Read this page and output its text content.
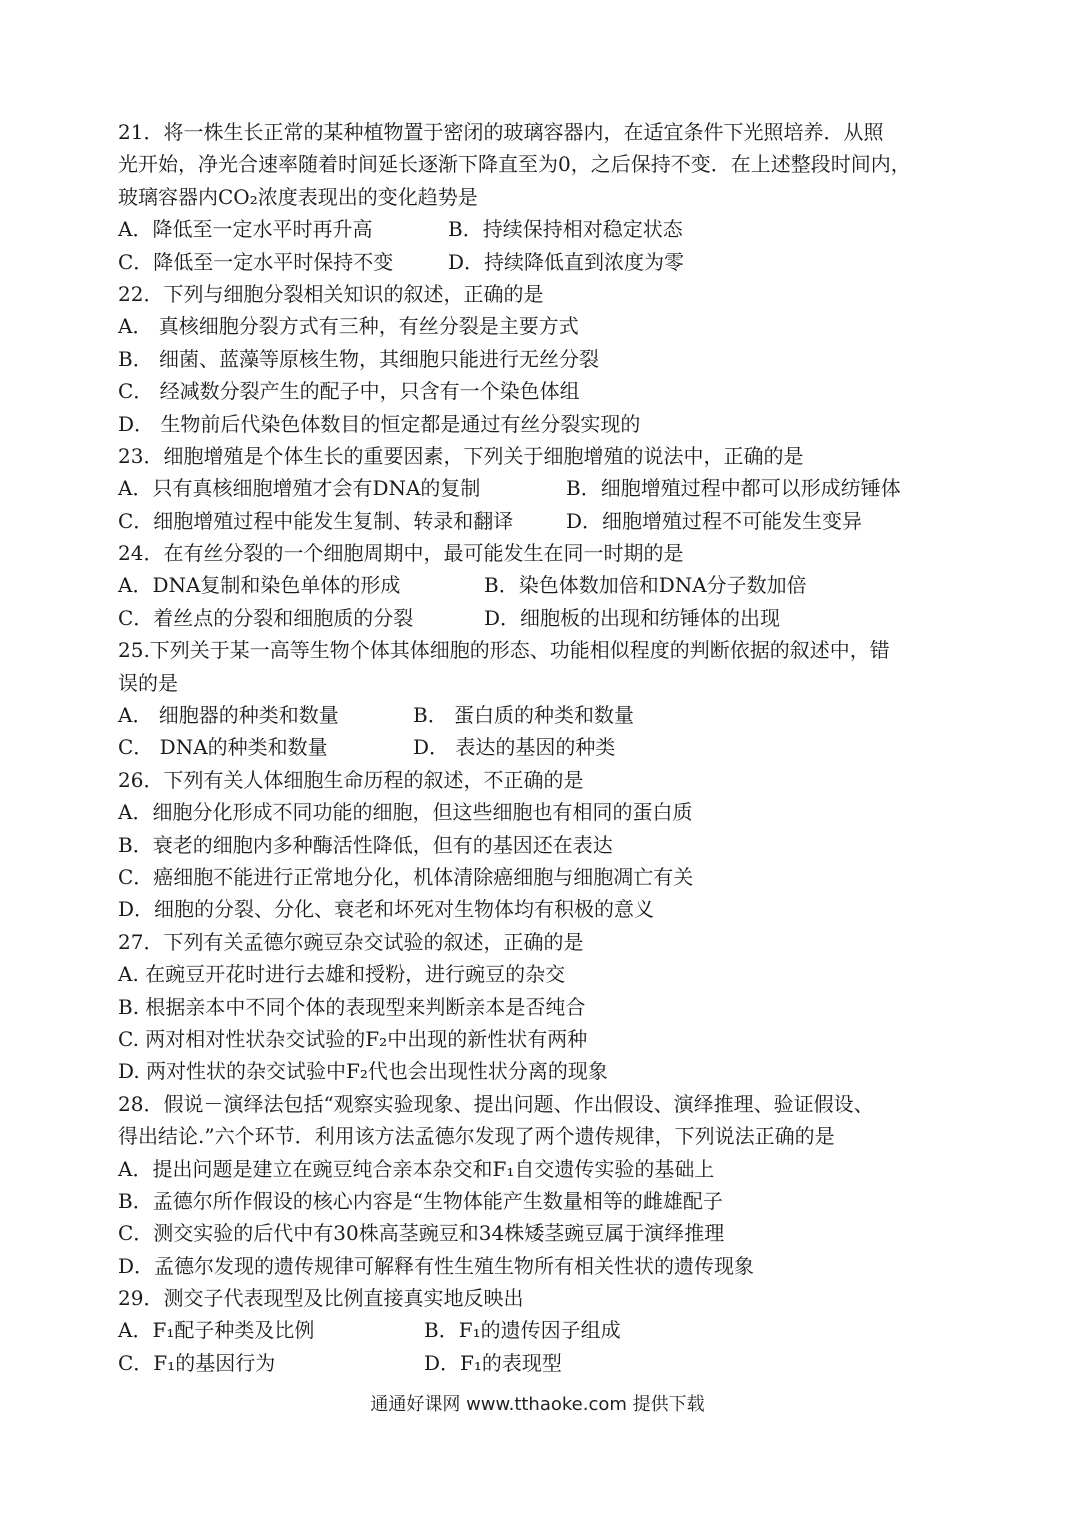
21．将一株生长正常的某种植物置于密闭的玻璃容器内，在适宜条件下光照培养．从照
光开始，净光合速率随着时间延长逐渐下降直至为0，之后保持不变．在上述整段时间内，
玻璃容器内CO₂浓度表现出的变化趋势是
A．降低至一定水平时再升高	B．持续保持相对稳定状态
C．降低至一定水平时保持不变	D．持续降低直到浓度为零
22．下列与细胞分裂相关知识的叙述，正确的是
A． 真核细胞分裂方式有三种，有丝分裂是主要方式
B． 细菌、蓝藻等原核生物，其细胞只能进行无丝分裂
C． 经减数分裂产生的配子中，只含有一个染色体组
D． 生物前后代染色体数目的恒定都是通过有丝分裂实现的
23．细胞增殖是个体生长的重要因素，下列关于细胞增殖的说法中，正确的是
A．只有真核细胞增殖才会有DNA的复制	B．细胞增殖过程中都可以形成纺锤体
C．细胞增殖过程中能发生复制、转录和翻译	D．细胞增殖过程不可能发生变异
24．在有丝分裂的一个细胞周期中，最可能发生在同一时期的是
A．DNA复制和染色单体的形成	B．染色体数加倍和DNA分子数加倍
C．着丝点的分裂和细胞质的分裂	D．细胞板的出现和纺锤体的出现
25.下列关于某一高等生物个体其体细胞的形态、功能相似程度的判断依据的叙述中，错
误的是
A． 细胞器的种类和数量	B． 蛋白质的种类和数量
C． DNA的种类和数量	D． 表达的基因的种类
26．下列有关人体细胞生命历程的叙述，不正确的是
A．细胞分化形成不同功能的细胞，但这些细胞也有相同的蛋白质
B．衰老的细胞内多种酶活性降低，但有的基因还在表达
C．癌细胞不能进行正常地分化，机体清除癌细胞与细胞凋亡有关
D．细胞的分裂、分化、衰老和坏死对生物体均有积极的意义
27．下列有关孟德尔豌豆杂交试验的叙述，正确的是
A. 在豌豆开花时进行去雄和授粉，进行豌豆的杂交
B. 根据亲本中不同个体的表现型来判断亲本是否纯合
C. 两对相对性状杂交试验的F₂中出现的新性状有两种
D. 两对性状的杂交试验中F₂代也会出现性状分离的现象
28．假说－演绎法包括“观察实验现象、提出问题、作出假设、演绎推理、验证假设、
得出结论.”六个环节．利用该方法孟德尔发现了两个遗传规律，下列说法正确的是
A．提出问题是建立在豌豆纯合亲本杂交和F₁自交遗传实验的基础上
B．孟德尔所作假设的核心内容是“生物体能产生数量相等的雌雄配子
C．测交实验的后代中有30株高茎豌豆和34株矮茎豌豆属于演绎推理
D．孟德尔发现的遗传规律可解释有性生殖生物所有相关性状的遗传现象
29．测交子代表现型及比例直接真实地反映出
A．F₁配子种类及比例	B．F₁的遗传因子组成
C．F₁的基因行为	D．F₁的表现型
通通好课网 www.tthaoke.com 提供下载
